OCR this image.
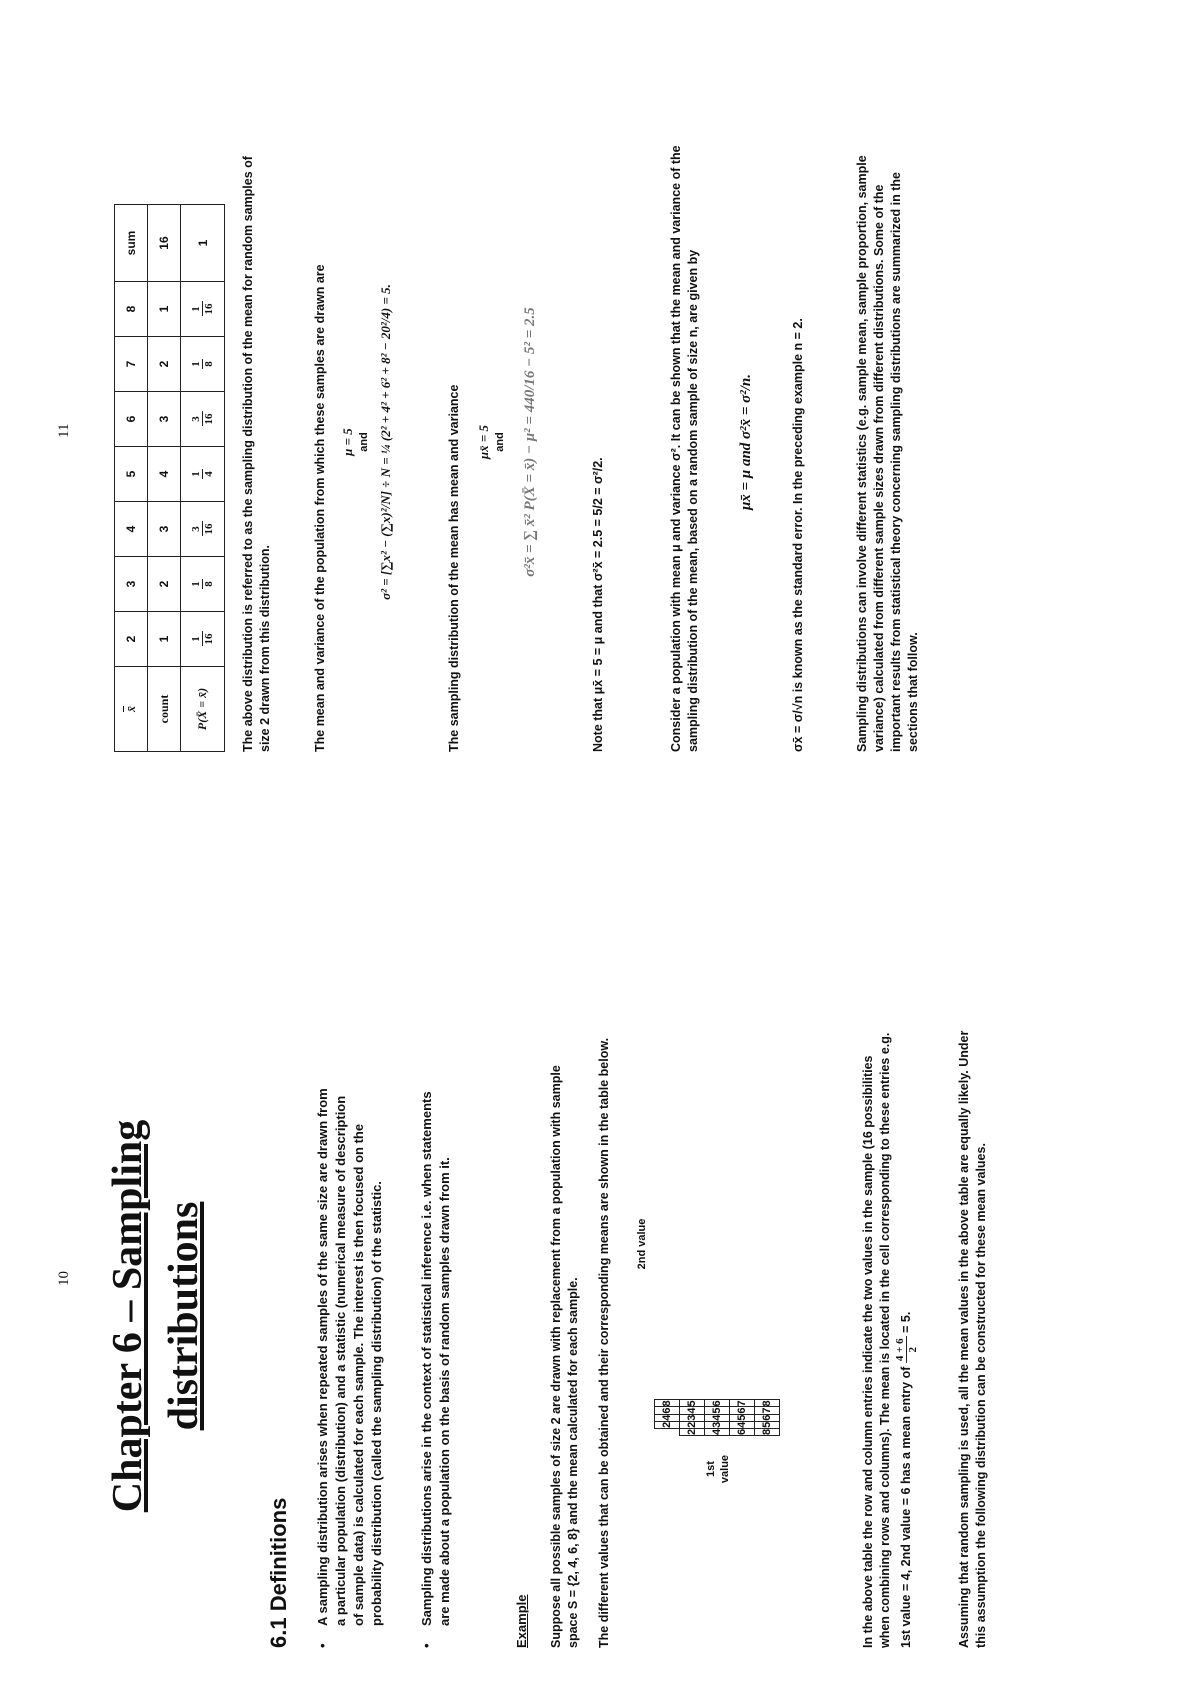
10 Chapter 6 – Sampling distributions
6.1 Definitions •
A sampling distribution arises when repeated samples of the same size are drawn from a particular population (distribution) and a statistic (numerical measure of description of sample data) is calculated for each sample. The interest is then focused on the probability distribution (called the sampling distribution) of the statistic.
•
Sampling distributions arise in the context of statistical inference i.e. when statements are made about a population on the basis of random samples drawn from it.	Example Suppose all possible samples of size 2 are drawn with replacement from a population with sample space S = {2, 4, 6, 8} and the mean calculated for each sample. The different values that can be obtained and their corresponding means are shown in the table below. 2nd value
1st value
	2	4	6	8
2	2	3	4	5
4	3	4	5	6
6	4	5	6	7
8	5	6	7	8	In the above table the row and column entries indicate the two values in the sample (16 possibilities when combining rows and columns). The mean is located in the cell corresponding to these entries e.g. 1st value = 4, 2nd value = 6 has a mean entry of
4 + 6 2
= 5.	Assuming that random sampling is used, all the mean values in the above table are equally likely. Under this assumption the following distribution can be constructed for these mean values.
11
x̄	2	3	4	5	6	7	8	sum
count	1	2	3	4	3	2	1	16
P(X̄ = x̄)	1 16	1 8	3 16	1 4	3 16	1 8	1 16	1	The above distribution is referred to as the sampling distribution of the mean for random samples of size 2 drawn from this distribution.	The mean and variance of the population from which these samples are drawn are μ = 5 and σ² = [∑x² − (∑x)²/N] ÷ N = ¼ (2² + 4² + 6² + 8² − 20²/4) = 5.	The sampling distribution of the mean has mean and variance μx̄ = 5 and σ²x̄ = ∑ x̄² P(X̄ = x̄) − μ² = 440/16 − 5² = 2.5
Note that μx̄ = 5 = μ and that σ²x̄ = 2.5 = 5/2 = σ²/2.	Consider a population with mean μ and variance σ². It can be shown that the mean and variance of the sampling distribution of the mean, based on a random sample of size n, are given by	μx̄ = μ and σ²x̄ = σ²/n.	σx̄ = σ/√n is known as the standard error. In the preceding example n = 2.	Sampling distributions can involve different statistics (e.g. sample mean, sample proportion, sample variance) calculated from different sample sizes drawn from different distributions. Some of the important results from statistical theory concerning sampling distributions are summarized in the sections that follow.
